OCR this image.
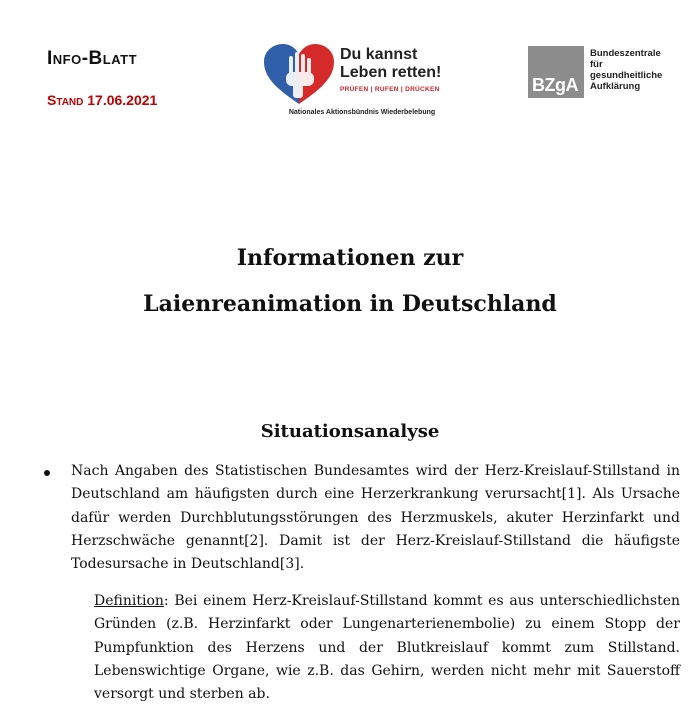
Info-Blatt
Stand 17.06.2021
Du kannst
Leben retten!
PRÜFEN | RUFEN | DRÜCKEN
Nationales Aktionsbündnis Wiederbelebung
BZgA
Bundeszentrale
für
gesundheitliche
Aufklärung
Informationen zur
Laienreanimation in Deutschland
Situationsanalyse
Nach Angaben des Statistischen Bundesamtes wird der Herz-Kreislauf-Stillstand in Deutschland am häufigsten durch eine Herzerkrankung verursacht[1]. Als Ursache dafür werden Durchblutungsstörungen des Herzmuskels, akuter Herzinfarkt und Herzschwäche genannt[2]. Damit ist der Herz-Kreislauf-Stillstand die häufigste Todesursache in Deutschland[3].
Definition: Bei einem Herz-Kreislauf-Stillstand kommt es aus unterschiedlichsten Gründen (z.B. Herzinfarkt oder Lungenarterienembolie) zu einem Stopp der Pumpfunktion des Herzens und der Blutkreislauf kommt zum Stillstand. Lebenswichtige Organe, wie z.B. das Gehirn, werden nicht mehr mit Sauerstoff versorgt und sterben ab.
